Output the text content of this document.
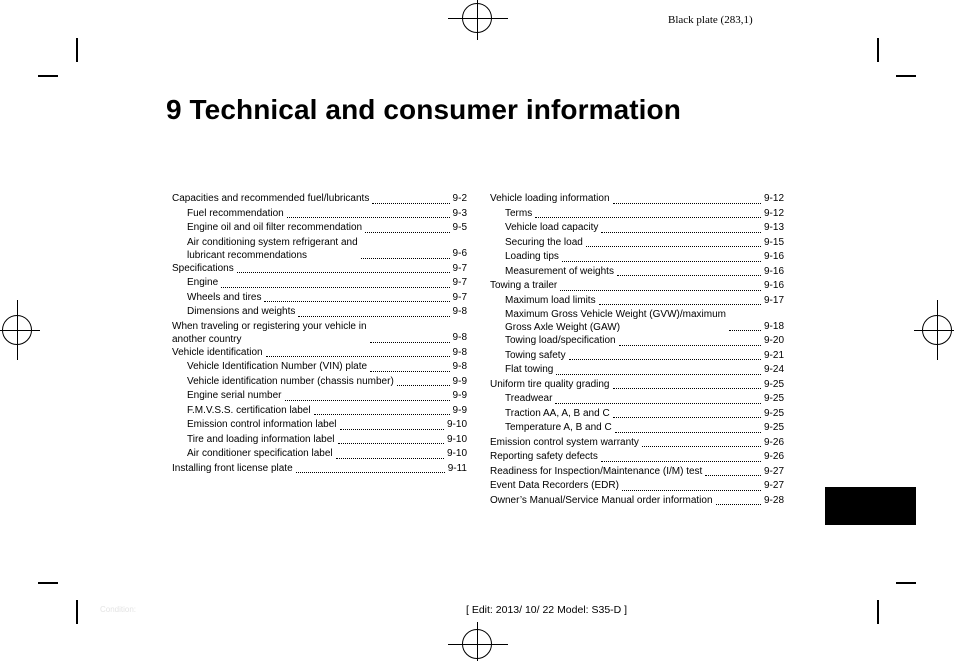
Black plate (283,1)
9 Technical and consumer information
Capacities and recommended fuel/lubricants	9-2
Fuel recommendation	9-3
Engine oil and oil filter recommendation	9-5
Air conditioning system refrigerant and
lubricant recommendations	9-6
Specifications	9-7
Engine	9-7
Wheels and tires	9-7
Dimensions and weights	9-8
When traveling or registering your vehicle in
another country	9-8
Vehicle identification	9-8
Vehicle Identification Number (VIN) plate	9-8
Vehicle identification number (chassis number)	9-9
Engine serial number	9-9
F.M.V.S.S. certification label	9-9
Emission control information label	9-10
Tire and loading information label	9-10
Air conditioner specification label	9-10
Installing front license plate	9-11
Vehicle loading information	9-12
Terms	9-12
Vehicle load capacity	9-13
Securing the load	9-15
Loading tips	9-16
Measurement of weights	9-16
Towing a trailer	9-16
Maximum load limits	9-17
Maximum Gross Vehicle Weight (GVW)/maximum
Gross Axle Weight (GAW)	9-18
Towing load/specification	9-20
Towing safety	9-21
Flat towing	9-24
Uniform tire quality grading	9-25
Treadwear	9-25
Traction AA, A, B and C	9-25
Temperature A, B and C	9-25
Emission control system warranty	9-26
Reporting safety defects	9-26
Readiness for Inspection/Maintenance (I/M) test	9-27
Event Data Recorders (EDR)	9-27
Owner’s Manual/Service Manual order information	9-28
Condition:	[ Edit: 2013/ 10/ 22 Model: S35-D ]
